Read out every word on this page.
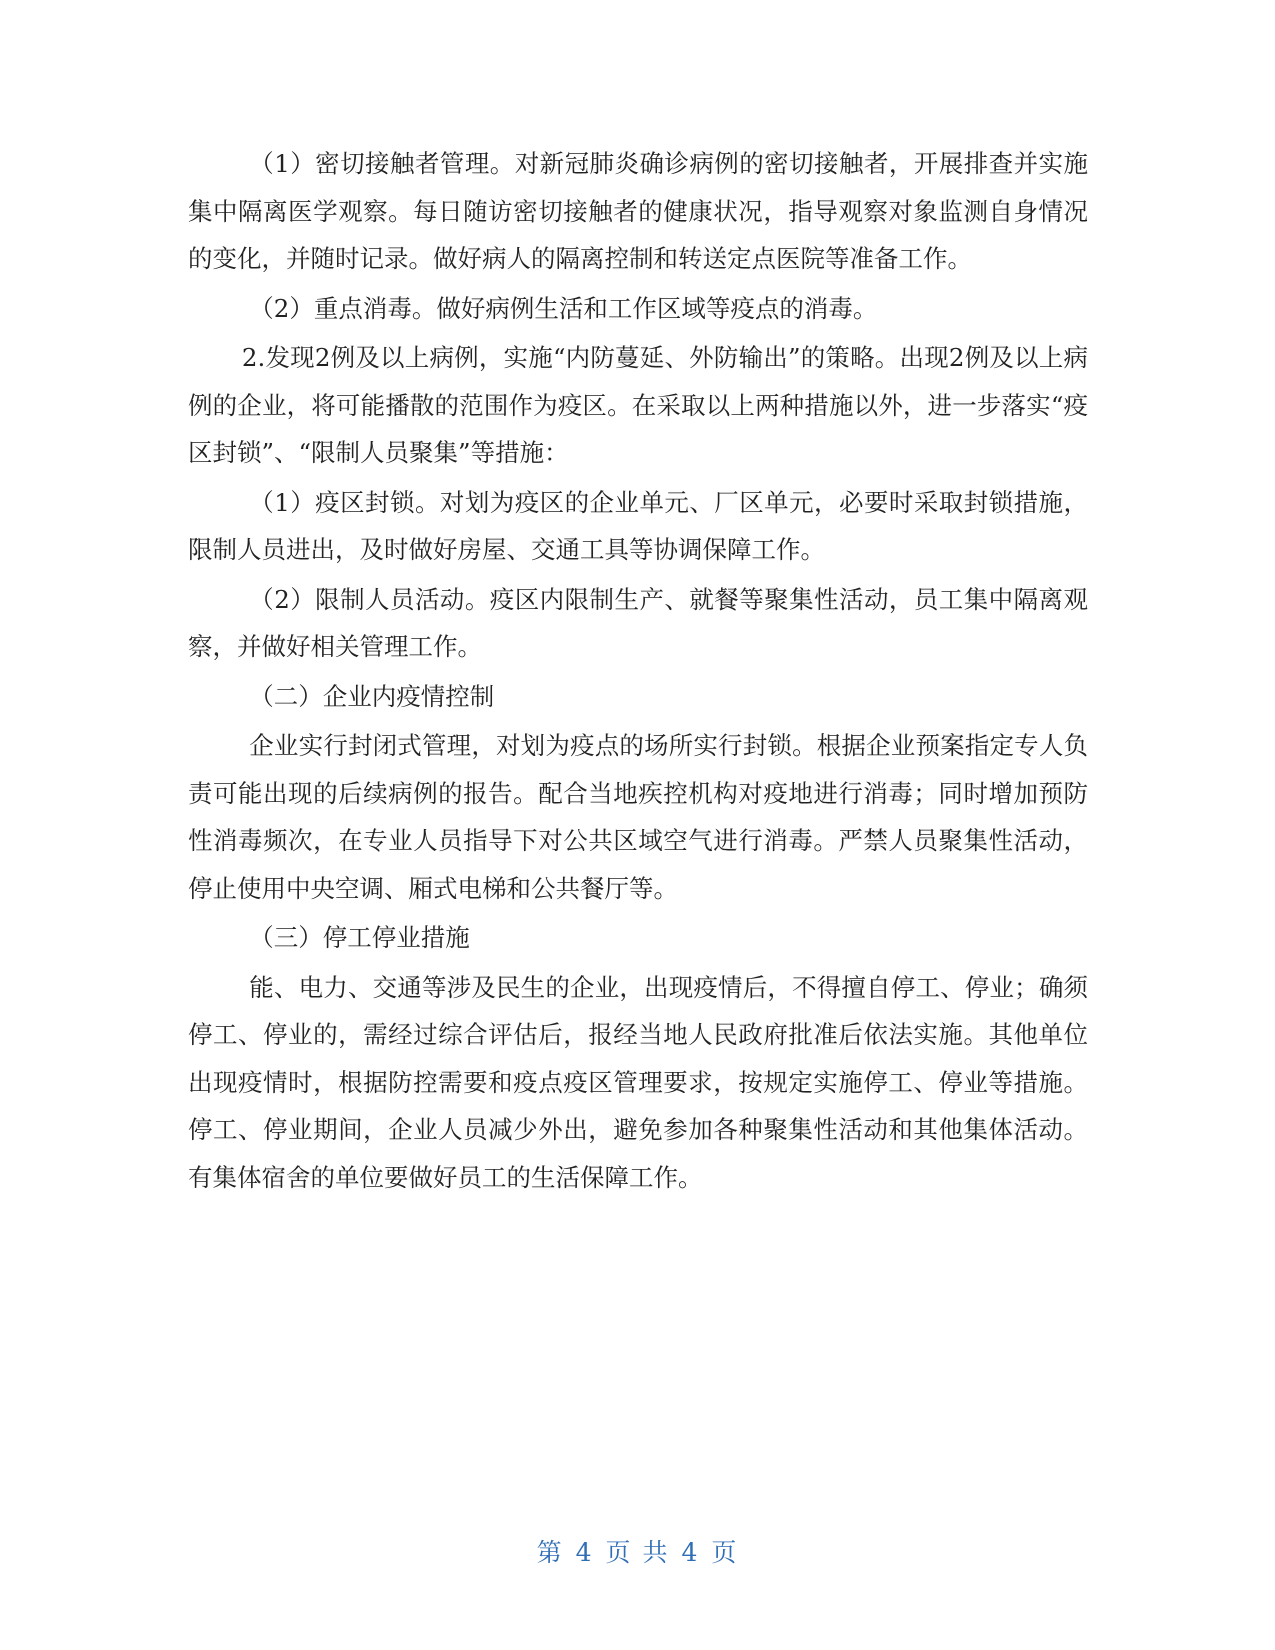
（1）密切接触者管理。对新冠肺炎确诊病例的密切接触者，开展排查并实施集中隔离医学观察。每日随访密切接触者的健康状况，指导观察对象监测自身情况的变化，并随时记录。做好病人的隔离控制和转送定点医院等准备工作。

（2）重点消毒。做好病例生活和工作区域等疫点的消毒。

2.发现2例及以上病例，实施“内防蔓延、外防输出”的策略。出现2例及以上病例的企业，将可能播散的范围作为疫区。在采取以上两种措施以外，进一步落实“疫区封锁”、“限制人员聚集”等措施：

（1）疫区封锁。对划为疫区的企业单元、厂区单元，必要时采取封锁措施，限制人员进出，及时做好房屋、交通工具等协调保障工作。

（2）限制人员活动。疫区内限制生产、就餐等聚集性活动，员工集中隔离观察，并做好相关管理工作。

（二）企业内疫情控制

企业实行封闭式管理，对划为疫点的场所实行封锁。根据企业预案指定专人负责可能出现的后续病例的报告。配合当地疾控机构对疫地进行消毒；同时增加预防性消毒频次，在专业人员指导下对公共区域空气进行消毒。严禁人员聚集性活动，停止使用中央空调、厢式电梯和公共餐厅等。

（三）停工停业措施

能、电力、交通等涉及民生的企业，出现疫情后，不得擅自停工、停业；确须停工、停业的，需经过综合评估后，报经当地人民政府批准后依法实施。其他单位出现疫情时，根据防控需要和疫点疫区管理要求，按规定实施停工、停业等措施。停工、停业期间，企业人员减少外出，避免参加各种聚集性活动和其他集体活动。有集体宿舍的单位要做好员工的生活保障工作。

第 4 页 共 4 页
